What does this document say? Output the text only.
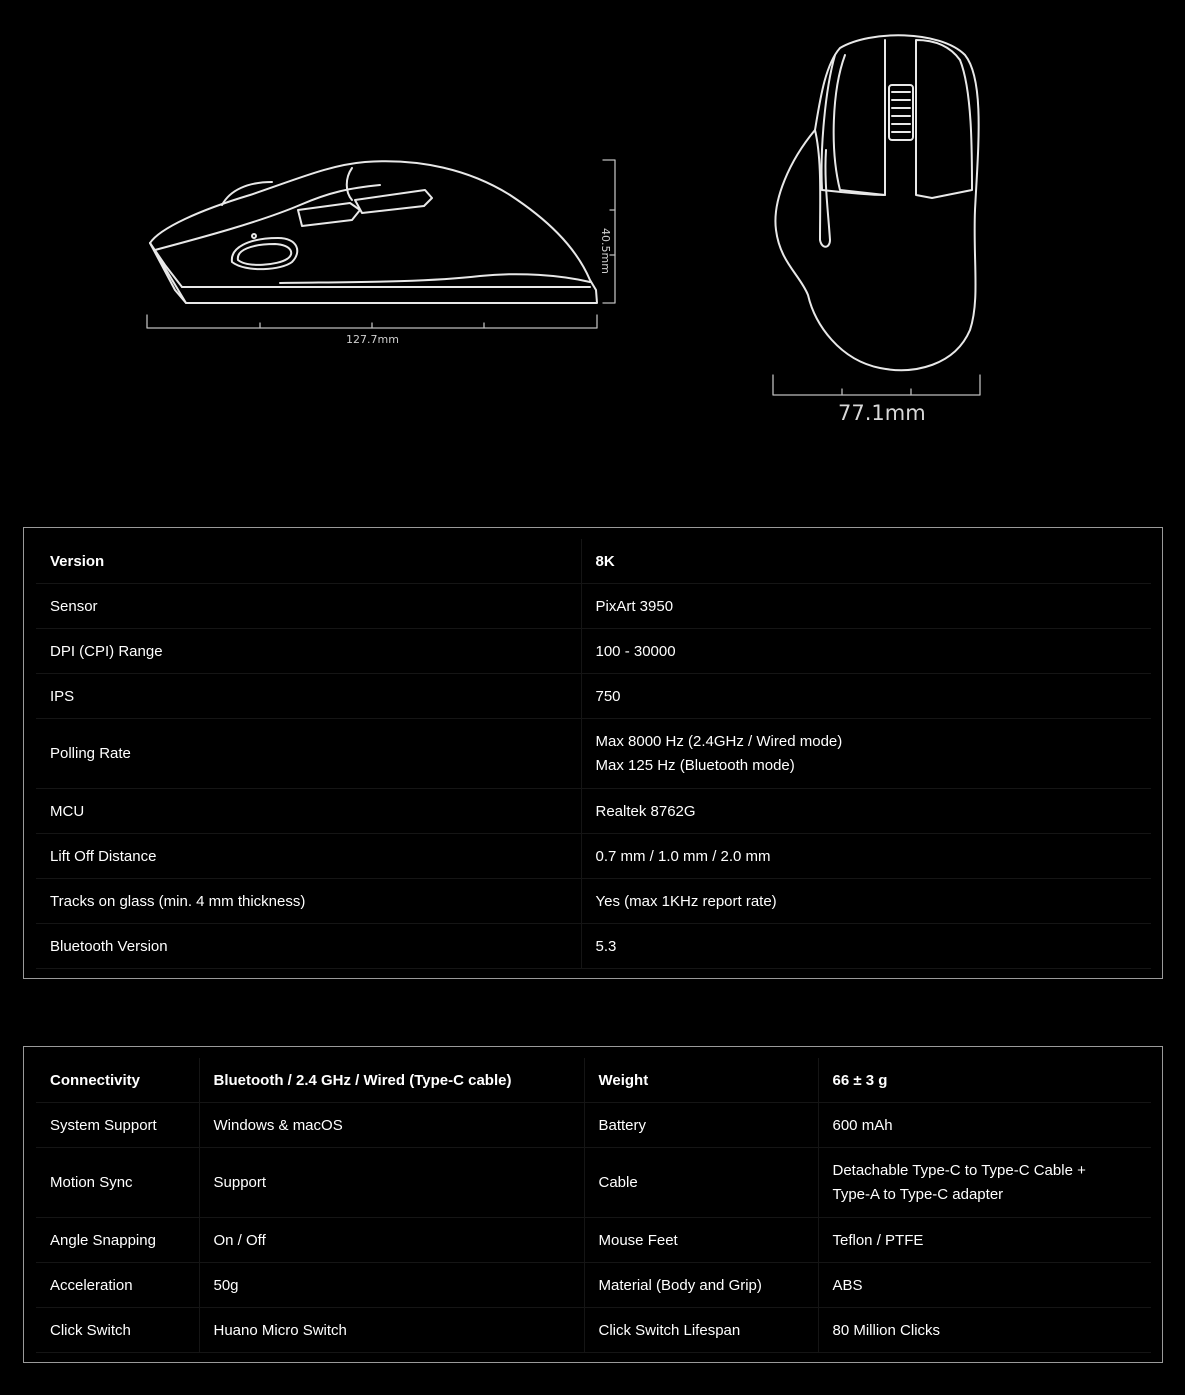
127.7mm
40.5mm
77.1mm
Version	8K

Sensor	PixArt 3950

DPI (CPI) Range	100 - 30000

IPS	750

Polling Rate	Max 8000 Hz (2.4GHz / Wired mode)
Max 125 Hz (Bluetooth mode)

MCU	Realtek 8762G

Lift Off Distance	0.7 mm / 1.0 mm / 2.0 mm

Tracks on glass (min. 4 mm thickness)	Yes (max 1KHz report rate)

Bluetooth Version	5.3
Connectivity	Bluetooth / 2.4 GHz / Wired (Type-C cable)	Weight	66 ± 3 g

System Support	Windows & macOS	Battery	600 mAh

Motion Sync	Support	Cable	Detachable Type-C to Type-C Cable +
Type-A to Type-C adapter

Angle Snapping	On / Off	Mouse Feet	Teflon / PTFE

Acceleration	50g	Material (Body and Grip)	ABS

Click Switch	Huano Micro Switch	Click Switch Lifespan	80 Million Clicks
